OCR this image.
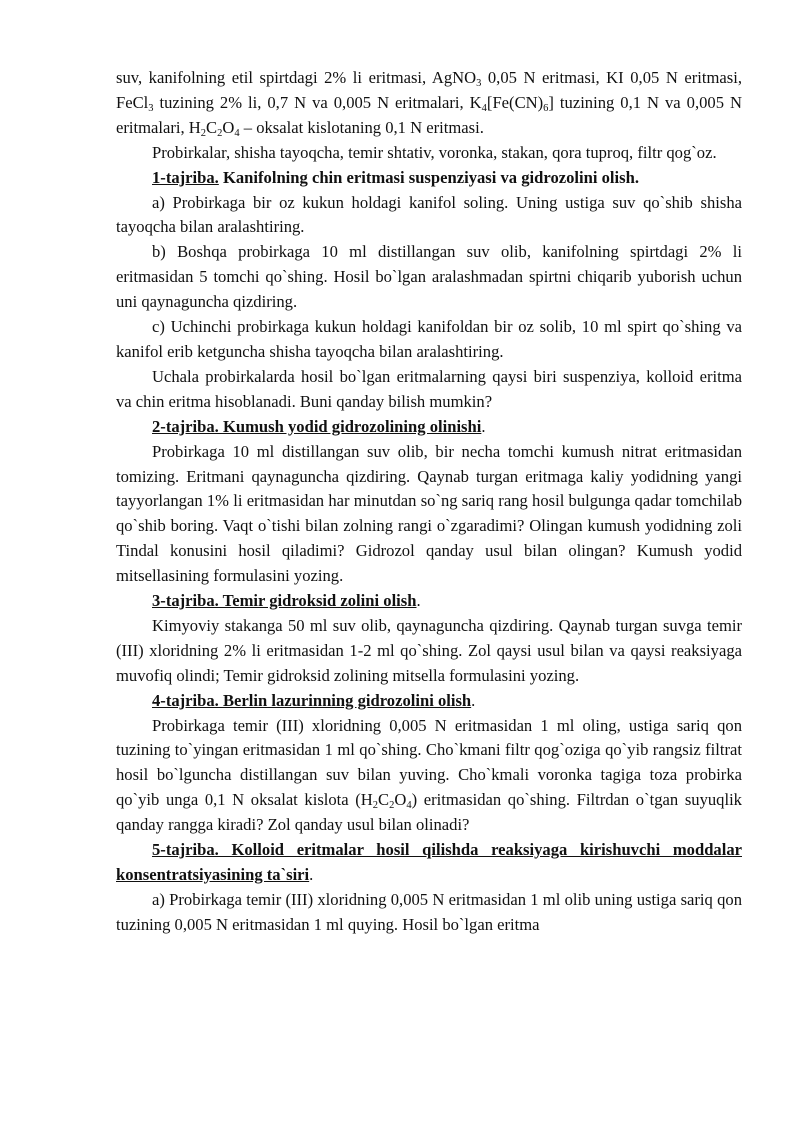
suv, kanifolning etil spirtdagi 2% li eritmasi, AgNO$_3$ 0,05 N eritmasi, KI 0,05 N eritmasi, FeCl$_3$ tuzining 2% li, 0,7 N va 0,005 N eritmalari, $K_4[Fe(CN)_6]$ tuzining 0,1 N va 0,005 N eritmalari, $H_2C_2O_4$ – oksalat kislotaning 0,1 N eritmasi.

Probirkalar, shisha tayoqcha, temir shtativ, voronka, stakan, qora tuproq, filtr qog`oz.

1-tajriba. Kanifolning chin eritmasi suspenziyasi va gidrozolini olish.

a) Probirkaga bir oz kukun holdagi kanifol soling. Uning ustiga suv qo`shib shisha tayoqcha bilan aralashtiring.

b) Boshqa probirkaga 10 ml distillangan suv olib, kanifolning spirtdagi 2% li eritmasidan 5 tomchi qo`shing. Hosil bo`lgan aralashmadan spirtni chiqarib yuborish uchun uni qaynaguncha qizdiring.

c) Uchinchi probirkaga kukun holdagi kanifoldan bir oz solib, 10 ml spirt qo`shing va kanifol erib ketguncha shisha tayoqcha bilan aralashtiring.

Uchala probirkalarda hosil bo`lgan eritmalarning qaysi biri suspenziya, kolloid eritma va chin eritma hisoblanadi. Buni qanday bilish mumkin?

2-tajriba. Kumush yodid gidrozolining olinishi.

Probirkaga 10 ml distillangan suv olib, bir necha tomchi kumush nitrat eritmasidan tomizing. Eritmani qaynaguncha qizdiring. Qaynab turgan eritmaga kaliy yodidning yangi tayyorlangan 1% li eritmasidan har minutdan so`ng sariq rang hosil bulgunga qadar tomchilab qo`shib boring. Vaqt o`tishi bilan zolning rangi o`zgaradimi? Olingan kumush yodidning zoli Tindal konusini hosil qiladimi? Gidrozol qanday usul bilan olingan? Kumush yodid mitsellasining formulasini yozing.

3-tajriba. Temir gidroksid zolini olish.

Kimyoviy stakanga 50 ml suv olib, qaynaguncha qizdiring. Qaynab turgan suvga temir (III) xloridning 2% li eritmasidan 1-2 ml qo`shing. Zol qaysi usul bilan va qaysi reaksiyaga muvofiq olindi; Temir gidroksid zolining mitsella formulasini yozing.

4-tajriba. Berlin lazurinning gidrozolini olish.

Probirkaga temir (III) xloridning 0,005 N eritmasidan 1 ml oling, ustiga sariq qon tuzining to`yingan eritmasidan 1 ml qo`shing. Cho`kmani filtr qog`oziga qo`yib rangsiz filtrat hosil bo`lguncha distillangan suv bilan yuving. Cho`kmali voronka tagiga toza probirka qo`yib unga 0,1 N oksalat kislota $(H_2C_2O_4)$ eritmasidan qo`shing. Filtrdan o`tgan suyuqlik qanday rangga kiradi? Zol qanday usul bilan olinadi?

5-tajriba. Kolloid eritmalar hosil qilishda reaksiyaga kirishuvchi moddalar konsentratsiyasining ta`siri.

a) Probirkaga temir (III) xloridning 0,005 N eritmasidan 1 ml olib uning ustiga sariq qon tuzining 0,005 N eritmasidan 1 ml quying. Hosil bo`lgan eritma
